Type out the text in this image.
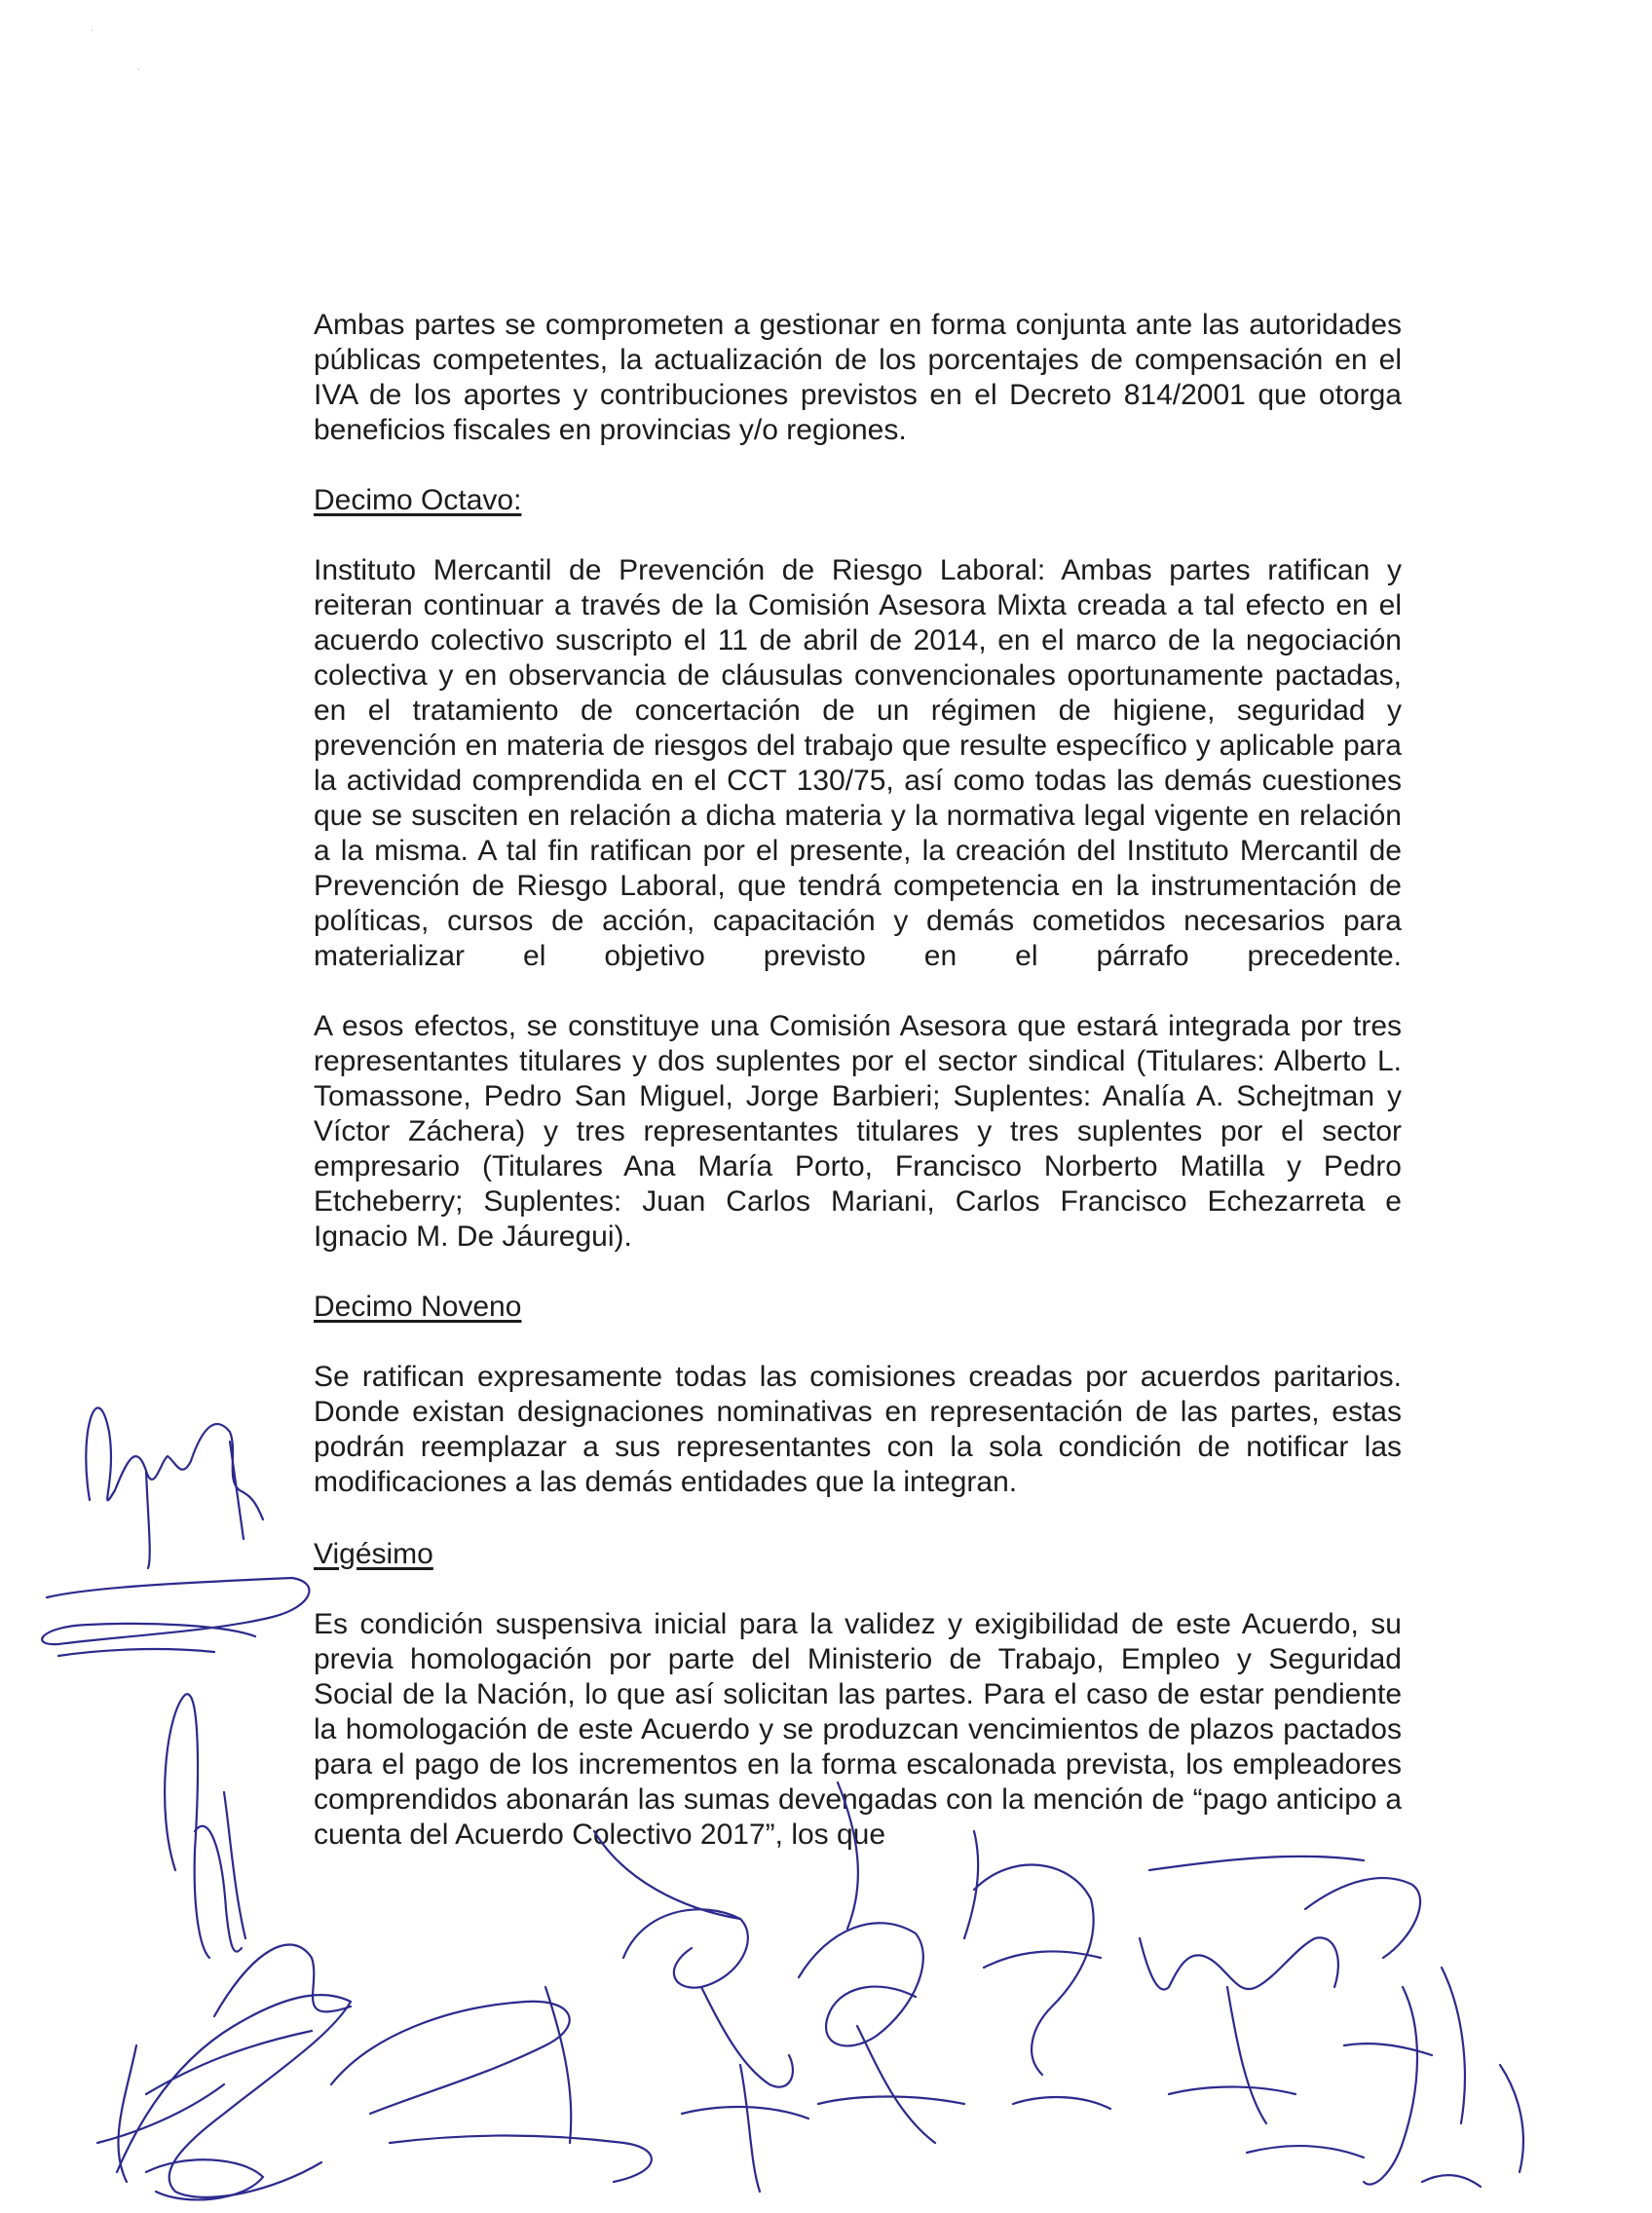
·
·

Ambas partes se comprometen a gestionar en forma conjunta ante las autoridades públicas competentes, la actualización de los porcentajes de compensación en el IVA de los aportes y contribuciones previstos en el Decreto 814/2001 que otorga beneficios fiscales en provincias y/o regiones.

Decimo Octavo:

Instituto Mercantil de Prevención de Riesgo Laboral: Ambas partes ratifican y reiteran continuar a través de la Comisión Asesora Mixta creada a tal efecto en el acuerdo colectivo suscripto el 11 de abril de 2014, en el marco de la negociación colectiva y en observancia de cláusulas convencionales oportunamente pactadas, en el tratamiento de concertación de un régimen de higiene, seguridad y prevención en materia de riesgos del trabajo que resulte específico y aplicable para la actividad comprendida en el CCT 130/75, así como todas las demás cuestiones que se susciten en relación a dicha materia y la normativa legal vigente en relación a la misma. A tal fin ratifican por el presente, la creación del Instituto Mercantil de Prevención de Riesgo Laboral, que tendrá competencia en la instrumentación de políticas, cursos de acción, capacitación y demás cometidos necesarios para materializar el objetivo previsto en el párrafo precedente.

A esos efectos, se constituye una Comisión Asesora que estará integrada por tres representantes titulares y dos suplentes por el sector sindical (Titulares: Alberto L. Tomassone, Pedro San Miguel, Jorge Barbieri; Suplentes: Analía A. Schejtman y Víctor Záchera) y tres representantes titulares y tres suplentes por el sector empresario (Titulares Ana María Porto, Francisco Norberto Matilla y Pedro Etcheberry; Suplentes: Juan Carlos Mariani, Carlos Francisco Echezarreta e Ignacio M. De Jáuregui).

Decimo Noveno

Se ratifican expresamente todas las comisiones creadas por acuerdos paritarios. Donde existan designaciones nominativas en representación de las partes, estas podrán reemplazar a sus representantes con la sola condición de notificar las modificaciones a las demás entidades que la integran.

Vigésimo

Es condición suspensiva inicial para la validez y exigibilidad de este Acuerdo, su previa homologación por parte del Ministerio de Trabajo, Empleo y Seguridad Social de la Nación, lo que así solicitan las partes. Para el caso de estar pendiente la homologación de este Acuerdo y se produzcan vencimientos de plazos pactados para el pago de los incrementos en la forma escalonada prevista, los empleadores comprendidos abonarán las sumas devengadas con la mención de “pago anticipo a cuenta del Acuerdo Colectivo 2017”, los que
